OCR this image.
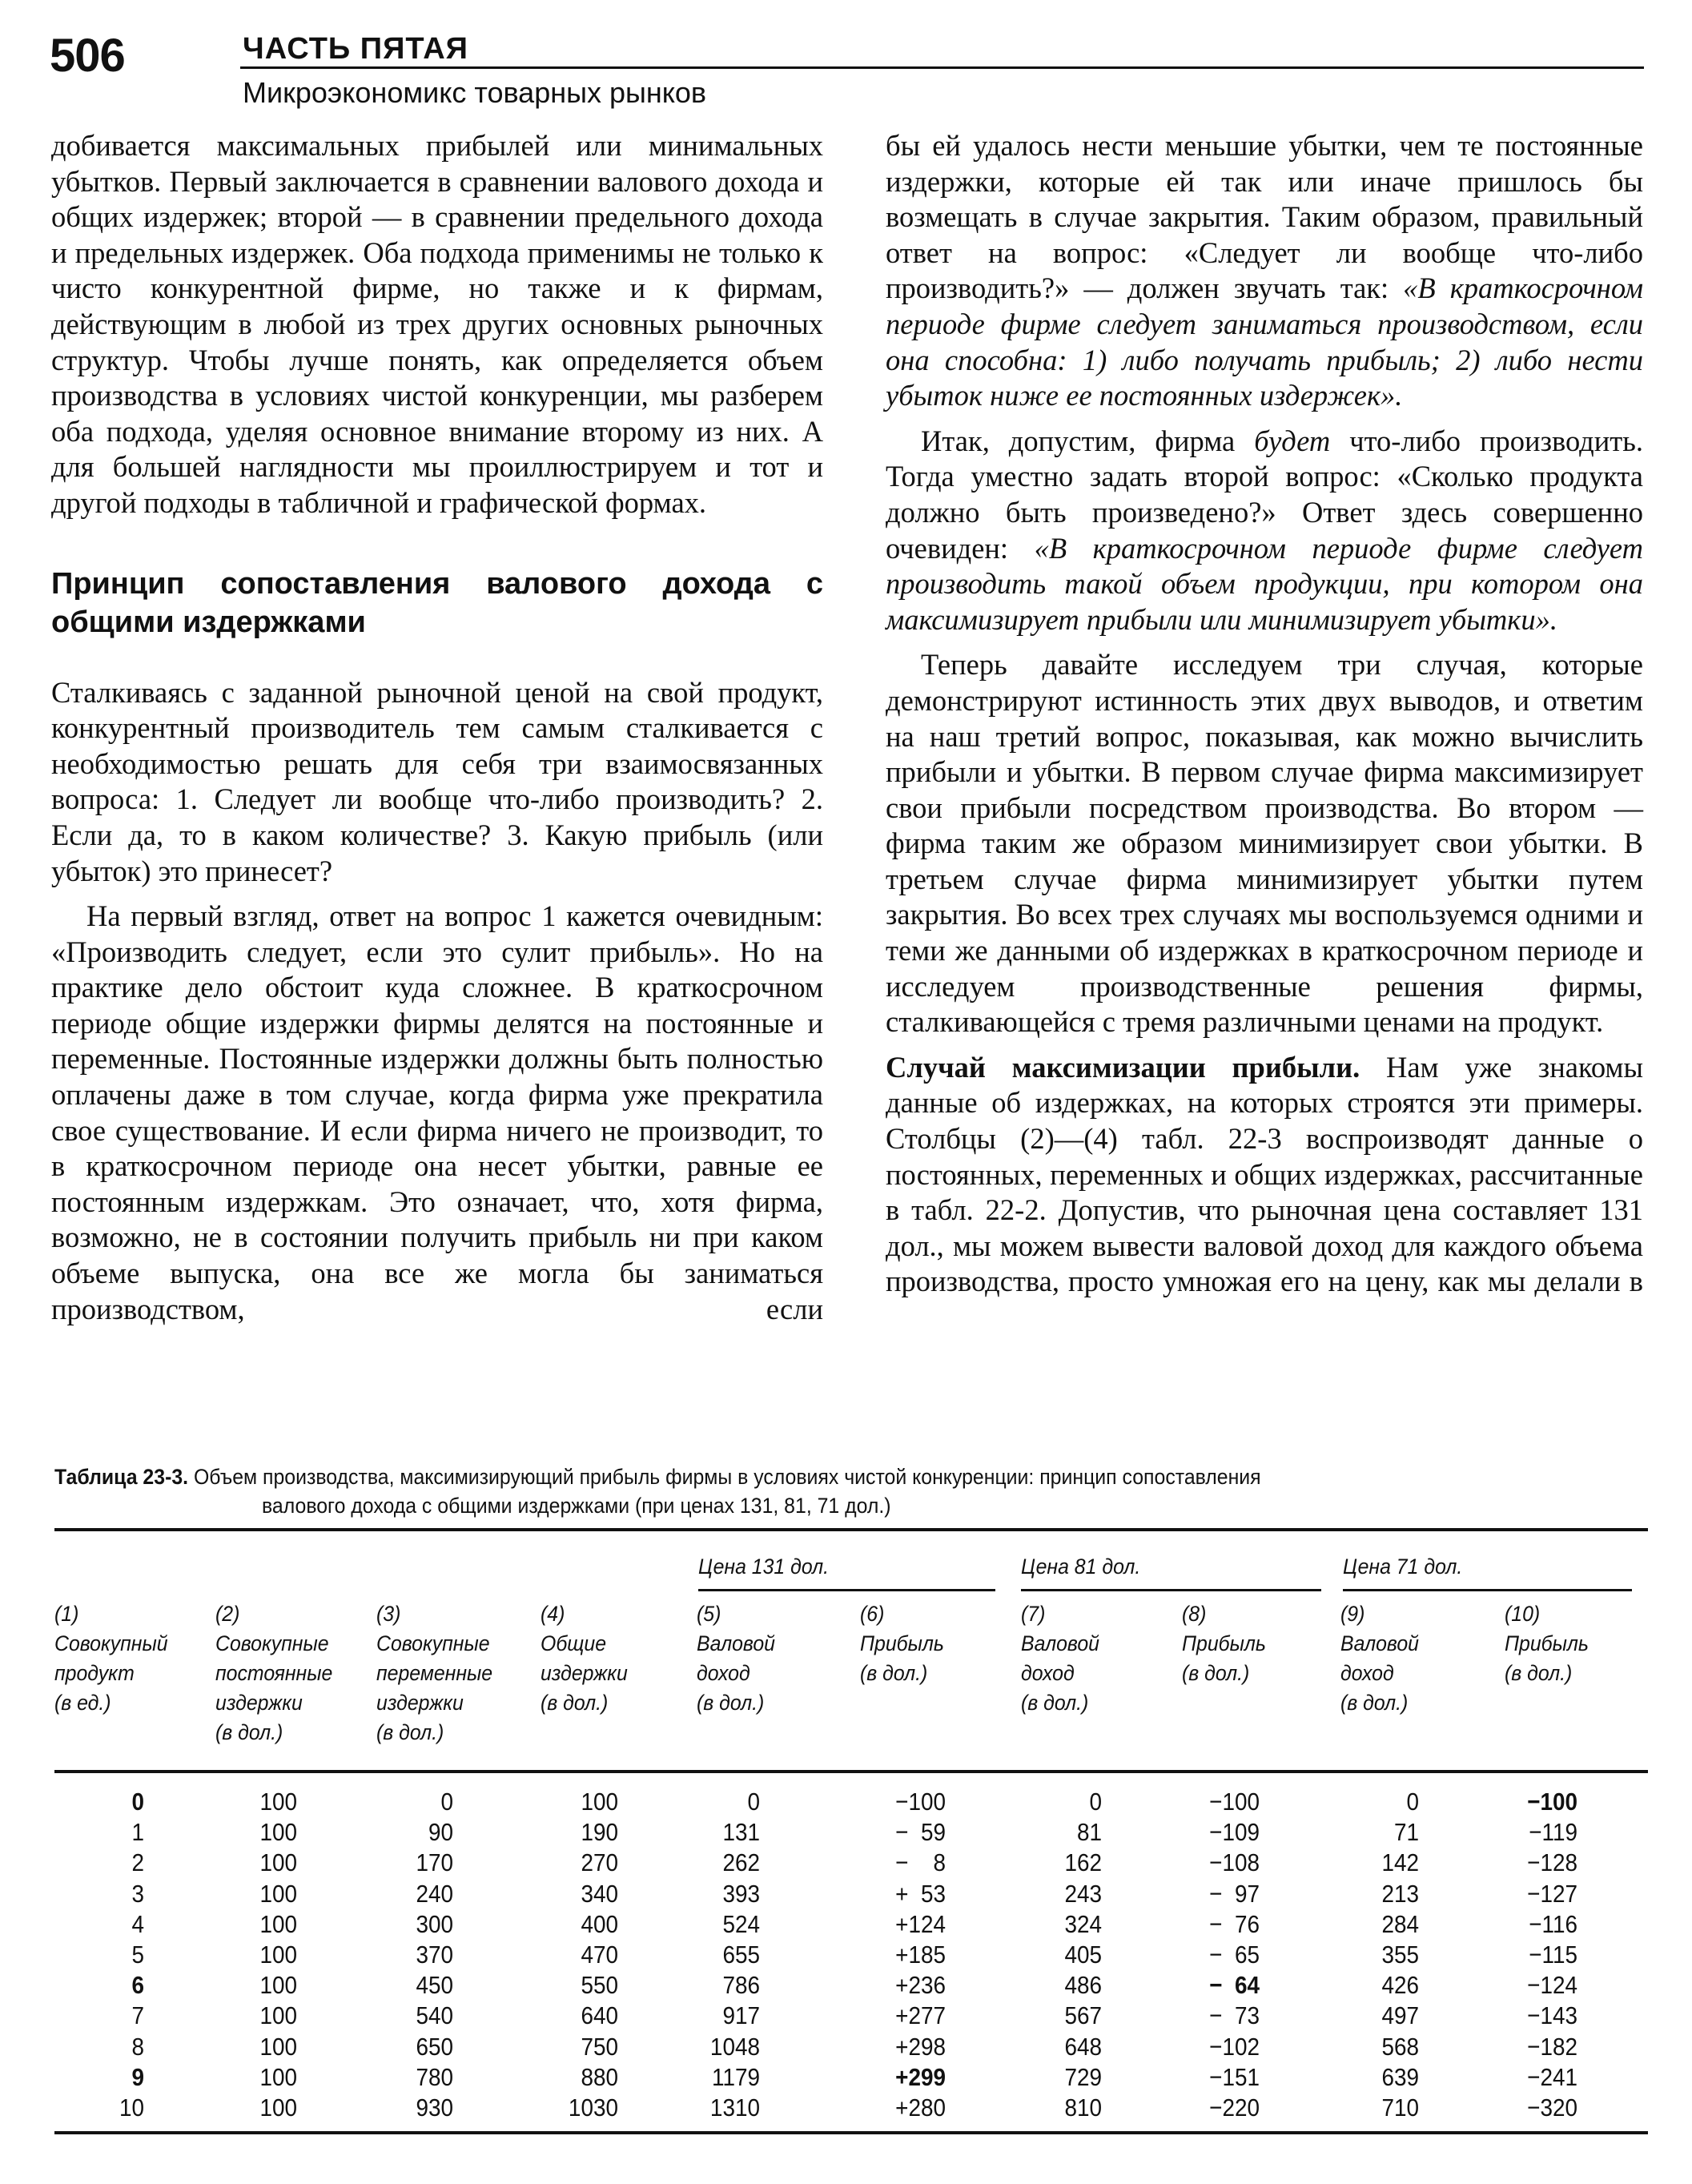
506	ЧАСТЬ ПЯТАЯ
Микроэкономикс товарных рынков

добивается максимальных прибылей или минимальных убытков. Первый заключается в сравнении валового дохода и общих издержек; второй — в сравнении предельного дохода и предельных издержек. Оба подхода применимы не только к чисто конкурентной фирме, но также и к фирмам, действующим в любой из трех других основных рыночных структур. Чтобы лучше понять, как определяется объем производства в условиях чистой конкуренции, мы разберем оба подхода, уделяя основное внимание второму из них. А для большей наглядности мы проиллюстрируем и тот и другой подходы в табличной и графической формах.

Принцип сопоставления валового дохода с общими издержками

Сталкиваясь с заданной рыночной ценой на свой продукт, конкурентный производитель тем самым сталкивается с необходимостью решать для себя три взаимосвязанных вопроса: 1. Следует ли вообще что-либо производить? 2. Если да, то в каком количестве? 3. Какую прибыль (или убыток) это принесет?

На первый взгляд, ответ на вопрос 1 кажется очевидным: «Производить следует, если это сулит прибыль». Но на практике дело обстоит куда сложнее. В краткосрочном периоде общие издержки фирмы делятся на постоянные и переменные. Постоянные издержки должны быть полностью оплачены даже в том случае, когда фирма уже прекратила свое существование. И если фирма ничего не производит, то в краткосрочном периоде она несет убытки, равные ее постоянным издержкам. Это означает, что, хотя фирма, возможно, не в состоянии получить прибыль ни при каком объеме выпуска, она все же могла бы заниматься производством, если

бы ей удалось нести меньшие убытки, чем те постоянные издержки, которые ей так или иначе пришлось бы возмещать в случае закрытия. Таким образом, правильный ответ на вопрос: «Следует ли вообще что-либо производить?» — должен звучать так: «В краткосрочном периоде фирме следует заниматься производством, если она способна: 1) либо получать прибыль; 2) либо нести убыток ниже ее постоянных издержек».

Итак, допустим, фирма будет что-либо производить. Тогда уместно задать второй вопрос: «Сколько продукта должно быть произведено?» Ответ здесь совершенно очевиден: «В краткосрочном периоде фирме следует производить такой объем продукции, при котором она максимизирует прибыли или минимизирует убытки».

Теперь давайте исследуем три случая, которые демонстрируют истинность этих двух выводов, и ответим на наш третий вопрос, показывая, как можно вычислить прибыли и убытки. В первом случае фирма максимизирует свои прибыли посредством производства. Во втором — фирма таким же образом минимизирует свои убытки. В третьем случае фирма минимизирует убытки путем закрытия. Во всех трех случаях мы воспользуемся одними и теми же данными об издержках в краткосрочном периоде и исследуем производственные решения фирмы, сталкивающейся с тремя различными ценами на продукт.

Случай максимизации прибыли. Нам уже знакомы данные об издержках, на которых строятся эти примеры. Столбцы (2)—(4) табл. 22-3 воспроизводят данные о постоянных, переменных и общих издержках, рассчитанные в табл. 22-2. Допустив, что рыночная цена составляет 131 дол., мы можем вывести валовой доход для каждого объема производства, просто умножая его на цену, как мы делали в

Таблица 23-3. Объем производства, максимизирующий прибыль фирмы в условиях чистой конкуренции: принцип сопоставления
валового дохода с общими издержками (при ценах 131, 81, 71 дол.)
Цена 131 дол.	Цена 81 дол.	Цена 71 дол.
(1)
Совокупный
продукт
(в ед.)
(2)
Совокупные
постоянные
издержки
(в дол.)
(3)
Совокупные
переменные
издержки
(в дол.)
(4)
Общие
издержки
(в дол.)
(5)
Валовой
доход
(в дол.)
(6)
Прибыль
(в дол.)
(7)
Валовой
доход
(в дол.)
(8)
Прибыль
(в дол.)
(9)
Валовой
доход
(в дол.)
(10)
Прибыль
(в дол.)
0	100	0	100	0	−100	0	−100	0	−100
1	100	90	190	131	−  59	81	−109	71	−119
2	100	170	270	262	−    8	162	−108	142	−128
3	100	240	340	393	+  53	243	−  97	213	−127
4	100	300	400	524	+124	324	−  76	284	−116
5	100	370	470	655	+185	405	−  65	355	−115
6	100	450	550	786	+236	486	−  64	426	−124
7	100	540	640	917	+277	567	−  73	497	−143
8	100	650	750	1048	+298	648	−102	568	−182
9	100	780	880	1179	+299	729	−151	639	−241
10	100	930	1030	1310	+280	810	−220	710	−320
